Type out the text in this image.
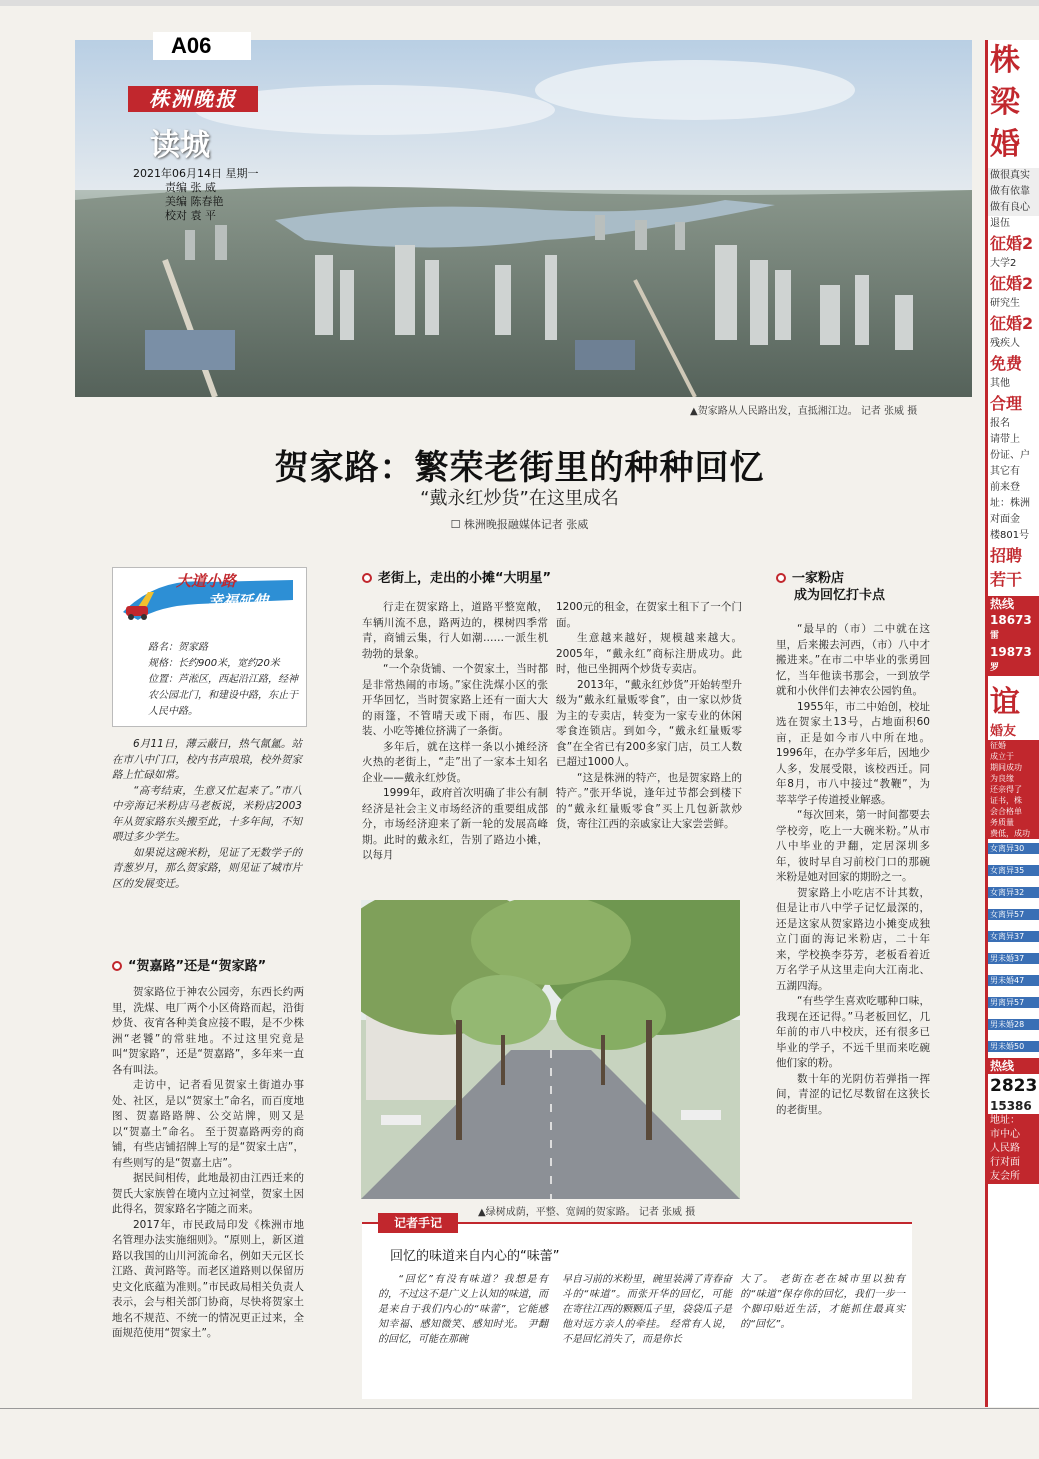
A06
株洲晚报
读城
2021年06月14日 星期一
责编 张 威
美编 陈春艳
校对 袁 平
▲贺家路从人民路出发，直抵湘江边。 记者 张威 摄
贺家路：繁荣老街里的种种回忆
“戴永红炒货”在这里成名
☐ 株洲晚报融媒体记者 张威
大道小路
幸福延伸
路名：贺家路
规格：长约900米，宽约20米
位置：芦淞区，西起沿江路，经神农公园北门，和建设中路，东止于人民中路。

6月11日，薄云蔽日，热气氤氲。站在市八中门口，校内书声琅琅，校外贺家路上忙碌如常。

“高考结束，生意又忙起来了。”市八中旁海记米粉店马老板说，米粉店2003年从贺家路东头搬至此，十多年间，不知喂过多少学生。

如果说这碗米粉，见证了无数学子的青葱岁月，那么贺家路，则见证了城市片区的发展变迁。

“贺嘉路”还是“贺家路”

贺家路位于神农公园旁，东西长约两里，洗煤、电厂两个小区倚路而起，沿街炒货、夜宵各种美食应接不暇，是不少株洲“老饕”的常驻地。不过这里究竟是叫“贺家路”，还是“贺嘉路”，多年来一直各有叫法。

走访中，记者看见贺家土街道办事处、社区，是以“贺家土”命名，而百度地图、贺嘉路路牌、公交站牌，则又是以“贺嘉土”命名。 至于贺嘉路两旁的商铺，有些店铺招牌上写的是“贺家土店”，有些则写的是“贺嘉土店”。

据民间相传，此地最初由江西迁来的贺氏大家族曾在境内立过祠堂，贺家土因此得名，贺家路名字随之而来。

2017年，市民政局印发《株洲市地名管理办法实施细则》。“原则上，新区道路以我国的山川河流命名，例如天元区长江路、黄河路等。而老区道路则以保留历史文化底蕴为准则。”市民政局相关负责人表示，会与相关部门协商，尽快将贺家土地名不规范、不统一的情况更正过来，全面规范使用“贺家土”。

老街上，走出的小摊“大明星”

行走在贺家路上，道路平整宽敞，车辆川流不息，路两边的，棵树四季常青，商铺云集，行人如潮……一派生机勃勃的景象。

“一个杂货铺、一个贺家土，当时都是非常热闹的市场。”家住洗煤小区的张开华回忆，当时贺家路上还有一面大大的雨篷，不管晴天或下雨，布匹、服装、小吃等摊位挤满了一条街。

多年后，就在这样一条以小摊经济火热的老街上，“走”出了一家本土知名企业——戴永红炒货。

1999年，政府首次明确了非公有制经济是社会主义市场经济的重要组成部分，市场经济迎来了新一轮的发展高峰期。此时的戴永红，告别了路边小摊，以每月

1200元的租金，在贺家土租下了一个门面。

生意越来越好，规模越来越大。2005年，“戴永红”商标注册成功。此时，他已坐拥两个炒货专卖店。

2013年，“戴永红炒货”开始转型升级为“戴永红量贩零食”，由一家以炒货为主的专卖店，转变为一家专业的休闲零食连锁店。到如今，“戴永红量贩零食”在全省已有200多家门店，员工人数已超过1000人。

“这是株洲的特产，也是贺家路上的特产。”张开华说，逢年过节都会到楼下的“戴永红量贩零食”买上几包新款炒货，寄往江西的亲戚家让大家尝尝鲜。

▲绿树成荫，平整、宽阔的贺家路。 记者 张威 摄
一家粉店
成为回忆打卡点

“最早的（市）二中就在这里，后来搬去河西，（市）八中才搬进来。”在市二中毕业的张勇回忆，当年他读书那会，一到放学就和小伙伴们去神农公园钓鱼。

1955年，市二中始创，校址选在贺家土13号，占地面积60亩，正是如今市八中所在地。1996年，在办学多年后，因地少人多，发展受限，该校西迁。同年8月，市八中接过“教鞭”，为莘莘学子传道授业解惑。

“每次回来，第一时间都要去学校旁，吃上一大碗米粉。”从市八中毕业的尹翻，定居深圳多年，彼时早自习前校门口的那碗米粉是她对回家的期盼之一。

贺家路上小吃店不计其数，但是让市八中学子记忆最深的，还是这家从贺家路边小摊变成独立门面的海记米粉店，二十年来，学校换李芬芳，老板看着近万名学子从这里走向大江南北、五湖四海。

“有些学生喜欢吃哪种口味，我现在还记得。”马老板回忆，几年前的市八中校庆，还有很多已毕业的学子，不远千里而来吃碗他们家的粉。

数十年的光阴仿若弹指一挥间，青涩的记忆尽数留在这狭长的老街里。

记者手记
回忆的味道来自内心的“味蕾”

“回忆”有没有味道？我想是有的，不过这不是广义上认知的味道，而是来自于我们内心的“味蕾”，它能感知幸福、感知微笑、感知时光。 尹翻的回忆，可能在那碗

早自习前的米粉里，碗里装满了青春奋斗的“味道”。而张开华的回忆，可能在寄往江西的颗颗瓜子里，袋袋瓜子是他对远方亲人的牵挂。 经常有人说，不是回忆消失了，而是你长

大了。 老街在老在城市里以独有的“味道”保存你的回忆，我们一步一个脚印贴近生活，才能抓住最真实的“回忆”。

株
梁
婚
做很真实
做有依靠
做有良心
退伍
征婚2
大学2
征婚2
研究生
征婚2
残疾人
免费
其他
合理
报名
请带上
份证、户
其它有
前来登
址：株洲
对面金
楼801号
招聘
若干
热线
18673
雷
19873
罗
谊
婚友
征婚
成立于
期间成功
为良缘
还亲得了
证书，株
会合格单
务质量
费低，成功
女离异30

女离异35

女离异32

女离异57

女离异37

男未婚37

男未婚47

男离异57

男未婚28

男未婚50
热线
2823
15386
地址：
市中心
人民路
行对面
友会所
